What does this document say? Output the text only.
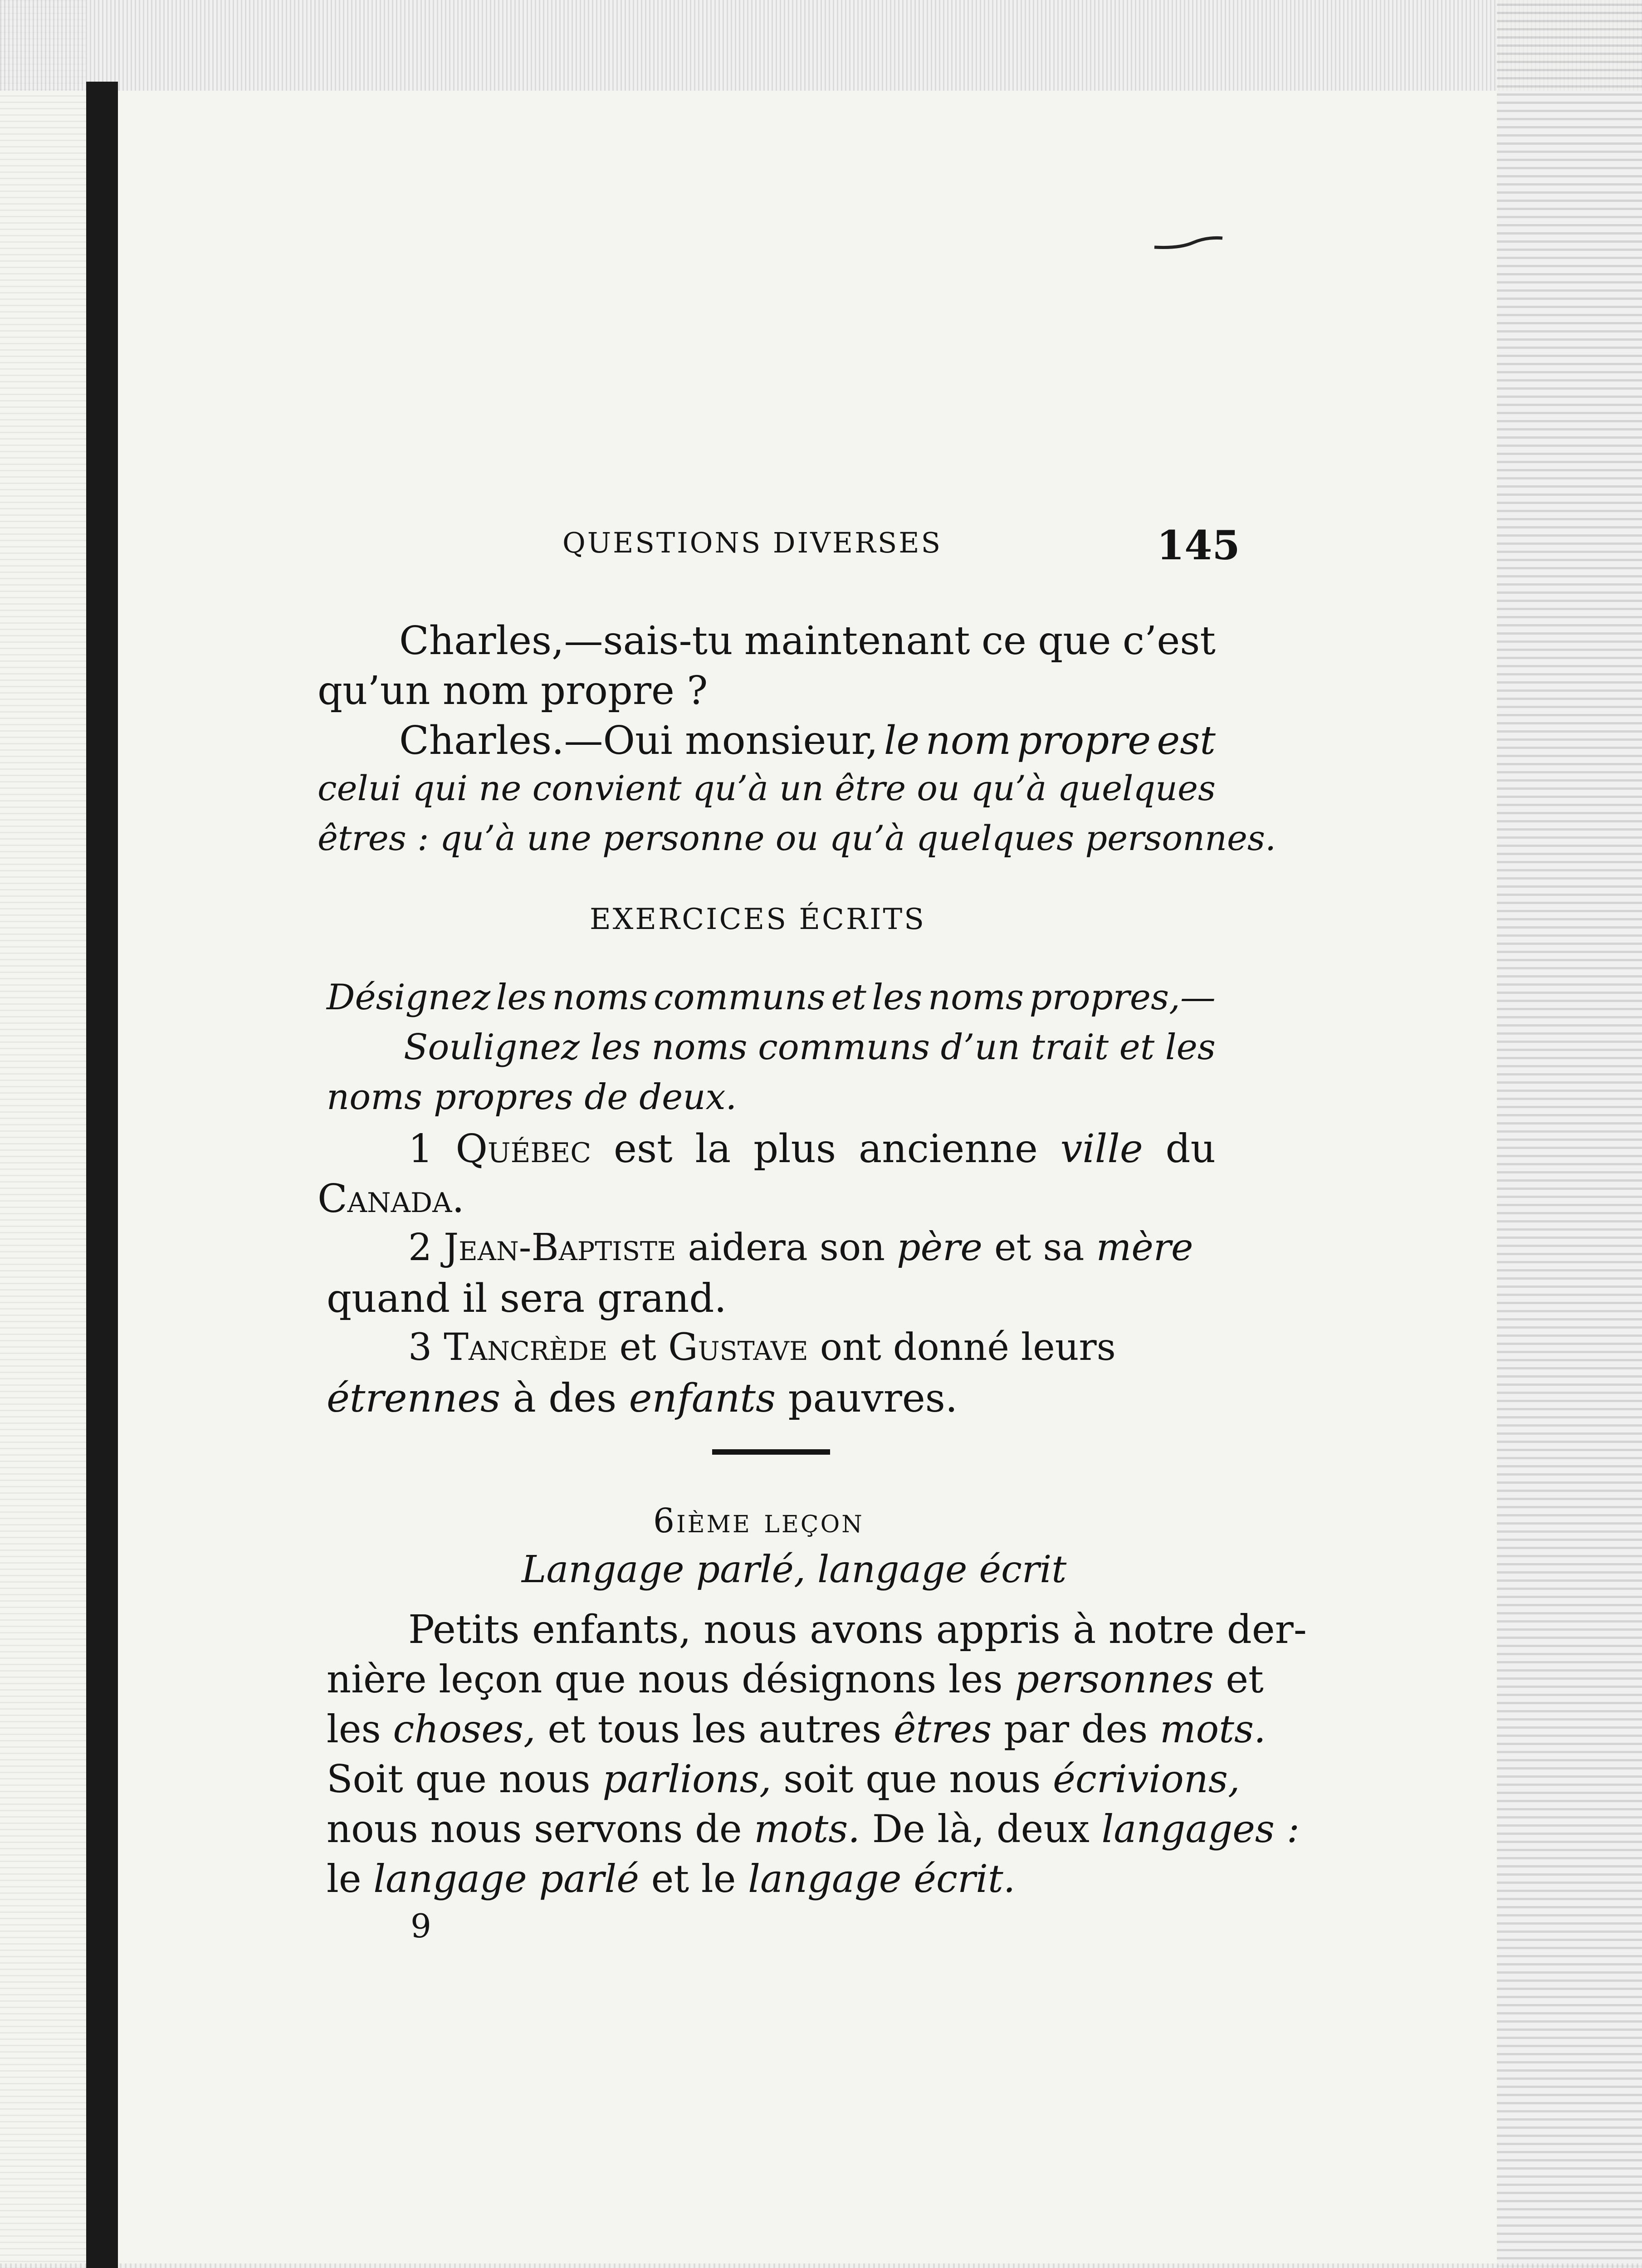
QUESTIONS DIVERSES	145
Charles,—sais-tu maintenant ce que c’est
qu’un nom propre ?
Charles.—Oui monsieur, le nom propre est
celui qui ne convient qu’à un être ou qu’à quelques
êtres : qu’à une personne ou qu’à quelques personnes.
EXERCICES ÉCRITS
Désignez les noms communs et les noms propres,—
Soulignez les noms communs d’un trait et les
noms propres de deux.
1 Québec est la plus ancienne ville du
Canada.
2 Jean-Baptiste aidera son père et sa mère
quand il sera grand.
3 Tancrède et Gustave ont donné leurs
étrennes à des enfants pauvres.
6ième leçon
Langage parlé, langage écrit
Petits enfants, nous avons appris à notre der-
nière leçon que nous désignons les personnes et
les choses, et tous les autres êtres par des mots.
Soit que nous parlions, soit que nous écrivions,
nous nous servons de mots. De là, deux langages :
le langage parlé et le langage écrit.
9
